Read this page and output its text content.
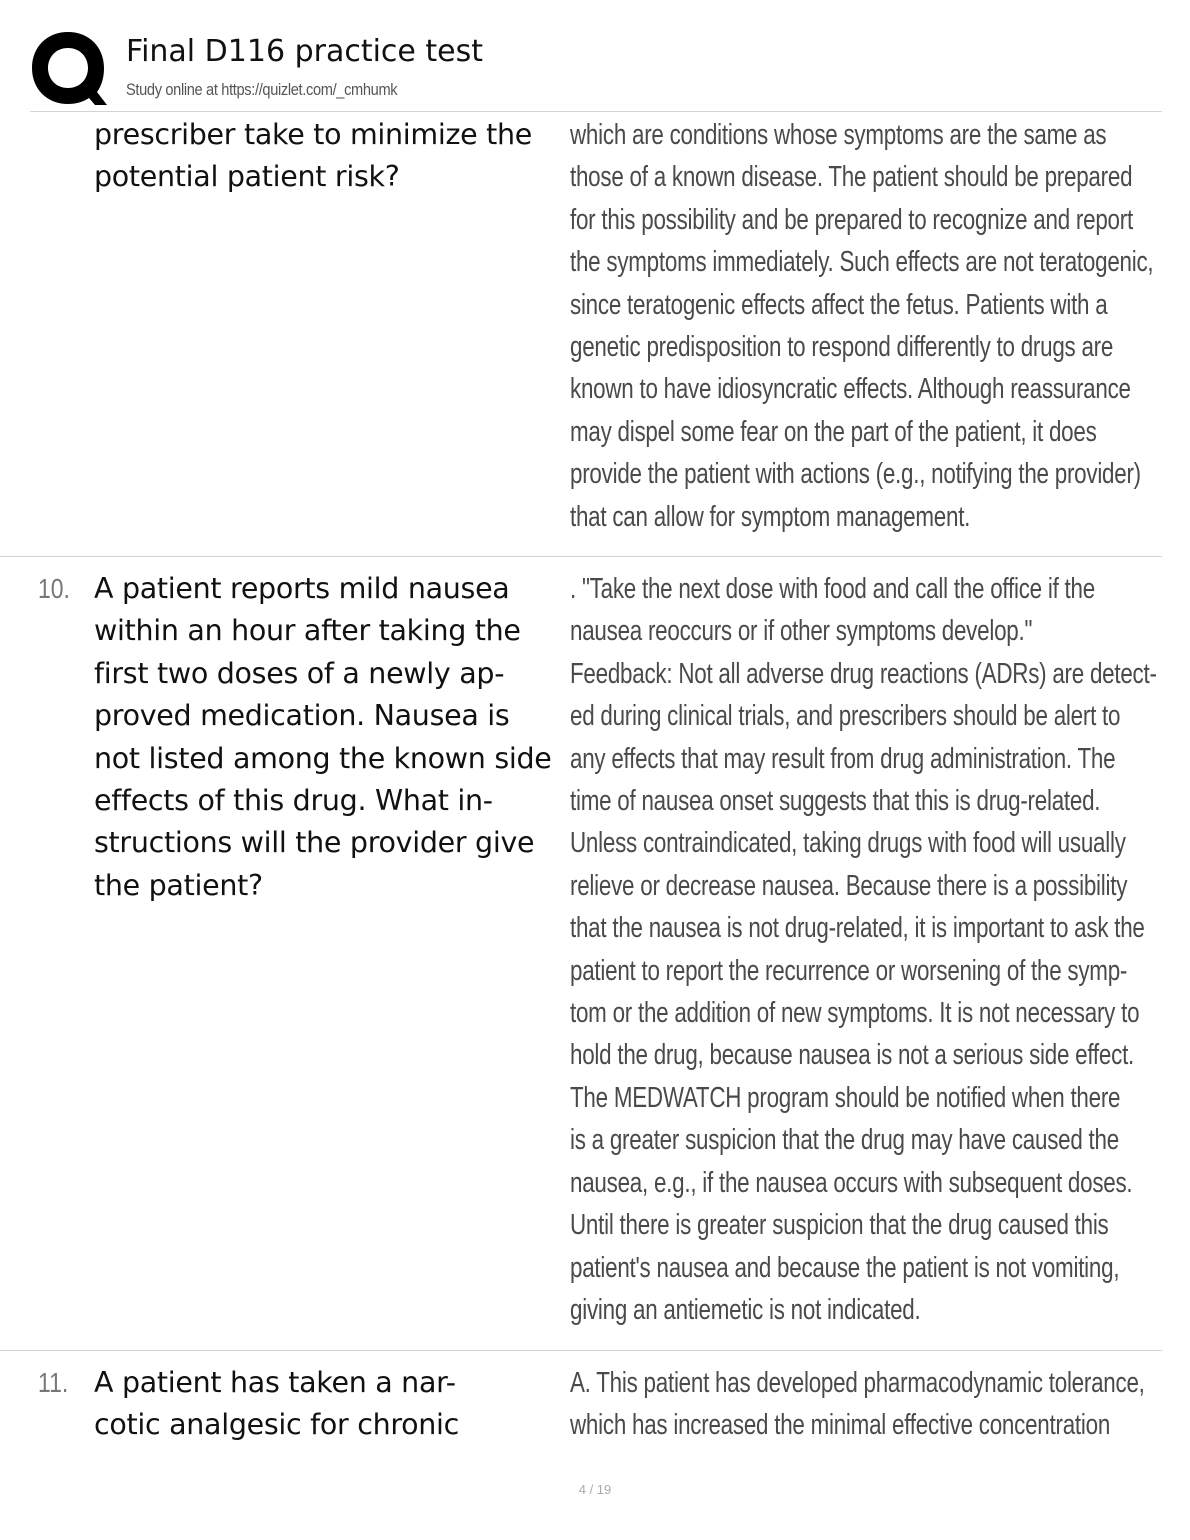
Final D116 practice test
Study online at https://quizlet.com/_cmhumk
prescriber take to minimize the
potential patient risk?
which are conditions whose symptoms are the same as
those of a known disease. The patient should be prepared
for this possibility and be prepared to recognize and report
the symptoms immediately. Such effects are not teratogenic,
since teratogenic effects affect the fetus. Patients with a
genetic predisposition to respond differently to drugs are
known to have idiosyncratic effects. Although reassurance
may dispel some fear on the part of the patient, it does
provide the patient with actions (e.g., notifying the provider)
that can allow for symptom management.
10. A patient reports mild nausea
within an hour after taking the
first two doses of a newly ap-
proved medication. Nausea is
not listed among the known side
effects of this drug. What in-
structions will the provider give
the patient?
. "Take the next dose with food and call the office if the
nausea reoccurs or if other symptoms develop."
Feedback: Not all adverse drug reactions (ADRs) are detect-
ed during clinical trials, and prescribers should be alert to
any effects that may result from drug administration. The
time of nausea onset suggests that this is drug-related.
Unless contraindicated, taking drugs with food will usually
relieve or decrease nausea. Because there is a possibility
that the nausea is not drug-related, it is important to ask the
patient to report the recurrence or worsening of the symp-
tom or the addition of new symptoms. It is not necessary to
hold the drug, because nausea is not a serious side effect.
The MEDWATCH program should be notified when there
is a greater suspicion that the drug may have caused the
nausea, e.g., if the nausea occurs with subsequent doses.
Until there is greater suspicion that the drug caused this
patient's nausea and because the patient is not vomiting,
giving an antiemetic is not indicated.
11. A patient has taken a nar-
cotic analgesic for chronic
A. This patient has developed pharmacodynamic tolerance,
which has increased the minimal effective concentration
4 / 19
